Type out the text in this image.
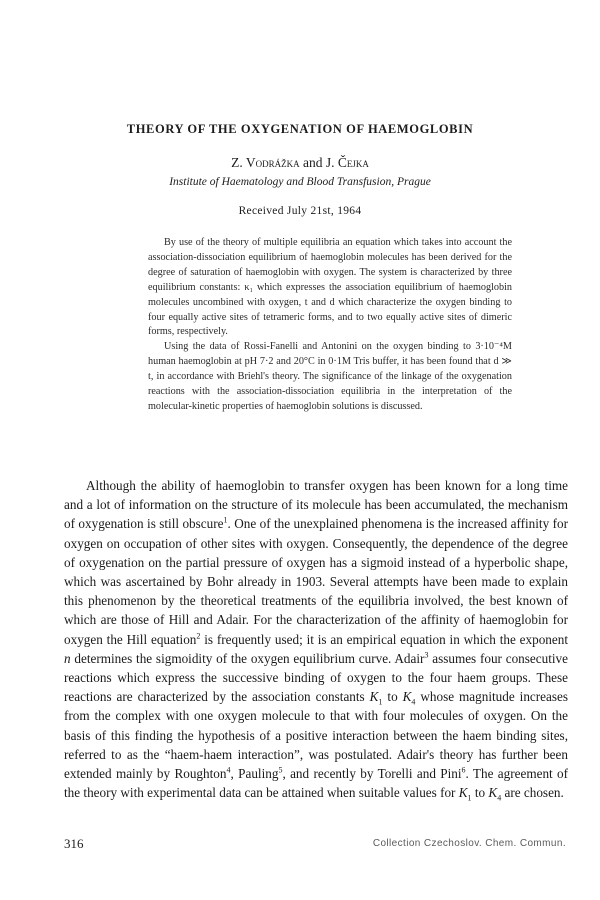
THEORY OF THE OXYGENATION OF HAEMOGLOBIN
Z. Vodrážka and J. Čejka
Institute of Haematology and Blood Transfusion, Prague
Received July 21st, 1964

By use of the theory of multiple equilibria an equation which takes into account the association-dissociation equilibrium of haemoglobin molecules has been derived for the degree of saturation of haemoglobin with oxygen. The system is characterized by three equilibrium constants: κ₁ which expresses the association equilibrium of haemoglobin molecules uncombined with oxygen, t and d which characterize the oxygen binding to four equally active sites of tetrameric forms, and to two equally active sites of dimeric forms, respectively.

Using the data of Rossi-Fanelli and Antonini on the oxygen binding to 3·10⁻⁴M human haemoglobin at pH 7·2 and 20°C in 0·1M Tris buffer, it has been found that d ≫ t, in accordance with Briehl's theory. The significance of the linkage of the oxygenation reactions with the association-dissociation equilibria in the interpretation of the molecular-kinetic properties of haemoglobin solutions is discussed.

Although the ability of haemoglobin to transfer oxygen has been known for a long time and a lot of information on the structure of its molecule has been accumulated, the mechanism of oxygenation is still obscure$^1$. One of the unexplained phenomena is the increased affinity for oxygen on occupation of other sites with oxygen. Consequently, the dependence of the degree of oxygenation on the partial pressure of oxygen has a sigmoid instead of a hyperbolic shape, which was ascertained by Bohr already in 1903. Several attempts have been made to explain this phenomenon by the theoretical treatments of the equilibria involved, the best known of which are those of Hill and Adair. For the characterization of the affinity of haemoglobin for oxygen the Hill equation$^2$ is frequently used; it is an empirical equation in which the exponent n determines the sigmoidity of the oxygen equilibrium curve. Adair$^3$ assumes four consecutive reactions which express the successive binding of oxygen to the four haem groups. These reactions are characterized by the association constants $K_1$ to $K_4$ whose magnitude increases from the complex with one oxygen molecule to that with four molecules of oxygen. On the basis of this finding the hypothesis of a positive interaction between the haem binding sites, referred to as the “haem-haem interaction”, was postulated. Adair's theory has further been extended mainly by Roughton$^4$, Pauling$^5$, and recently by Torelli and Pini$^6$. The agreement of the theory with experimental data can be attained when suitable values for $K_1$ to $K_4$ are chosen.

316	Collection Czechoslov. Chem. Commun.
